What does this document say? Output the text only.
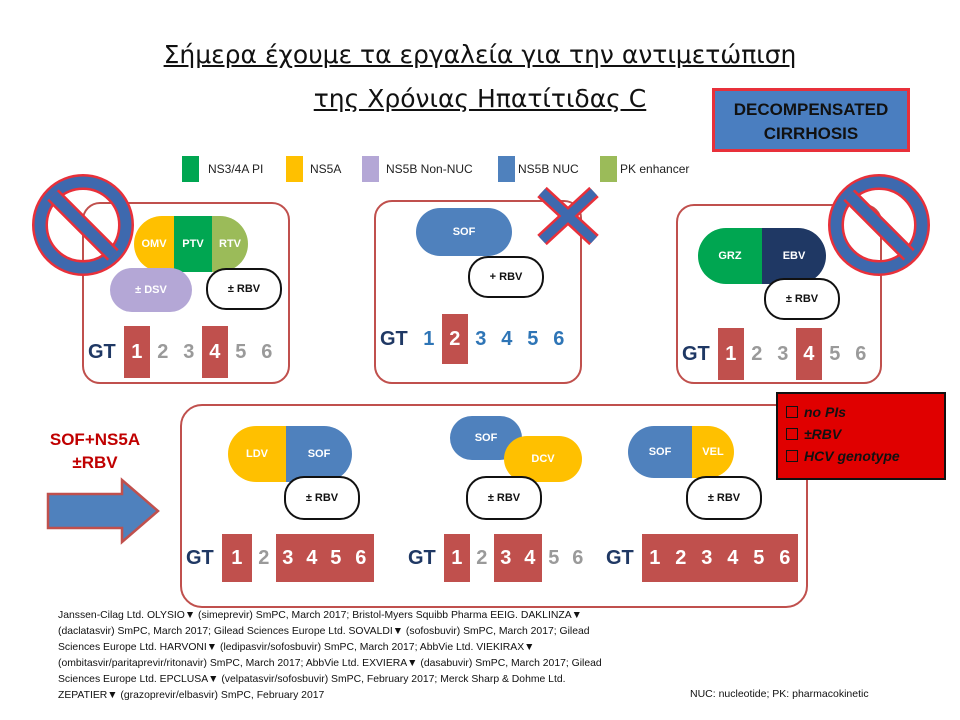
Σήμερα έχουμε τα εργαλεία για την αντιμετώπιση
της Χρόνιας Ηπατίτιδας C	DECOMPENSATED
CIRRHOSIS
NS3/4A PI	NS5A	NS5B Non-NUC	NS5B NUC	PK enhancer
OMV	PTV	RTV
± DSV	± RBV
GT 1 2 3 4 5 6
SOF
+ RBV
GT 1 2 3 4 5 6
GRZ	EBV
± RBV
GT 1 2 3 4 5 6
SOF+NS5A
±RBV	LDV	SOF
± RBV
SOF
DCV
± RBV
SOF	VEL
± RBV
GT 1 2 3 4 5 6	GT 1 2 3 4 5 6	GT 1 2 3 4 5 6
no PIs
±RBV
HCV genotype
Janssen-Cilag Ltd. OLYSIO▼ (simeprevir) SmPC, March 2017; Bristol-Myers Squibb Pharma EEIG. DAKLINZA▼
(daclatasvir) SmPC, March 2017; Gilead Sciences Europe Ltd. SOVALDI▼ (sofosbuvir) SmPC, March 2017; Gilead
Sciences Europe Ltd. HARVONI▼ (ledipasvir/sofosbuvir) SmPC, March 2017; AbbVie Ltd. VIEKIRAX▼
(ombitasvir/paritaprevir/ritonavir) SmPC, March 2017; AbbVie Ltd. EXVIERA▼ (dasabuvir) SmPC, March 2017; Gilead
Sciences Europe Ltd. EPCLUSA▼ (velpatasvir/sofosbuvir) SmPC, February 2017; Merck Sharp & Dohme Ltd.
ZEPATIER▼ (grazoprevir/elbasvir) SmPC, February 2017	NUC: nucleotide; PK: pharmacokinetic
